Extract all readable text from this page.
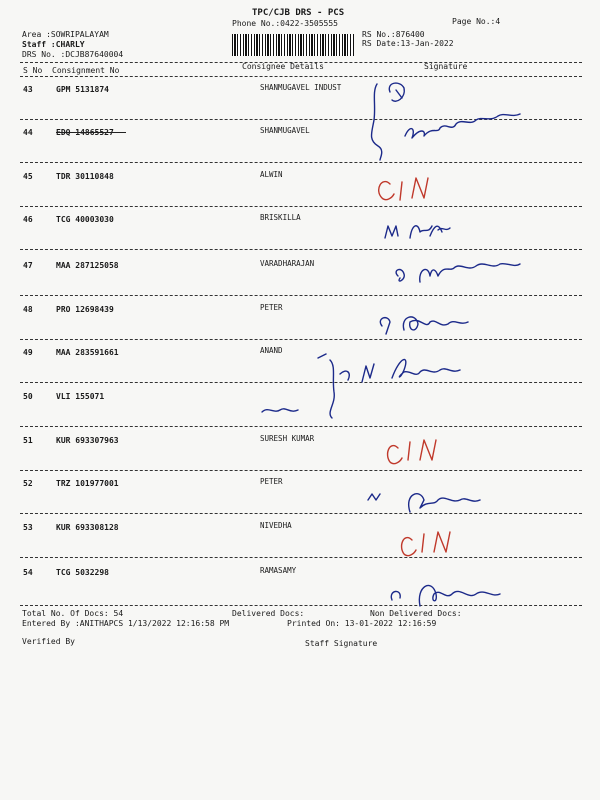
TPC/CJB DRS - PCS
Phone No.:0422-3505555	Page No.:4
Area :SOWRIPALAYAM
Staff :CHARLY
DRS No. :DCJB87640004
RS No.:876400
RS Date:13-Jan-2022
S No Consignment No	Consignee Details	Signature
43	GPM 5131874	SHANMUGAVEL INDUST
44	EDQ 14865527	SHANMUGAVEL
45	TDR 30110848	ALWIN
46	TCG 40003030	BRISKILLA
47	MAA 287125058	VARADHARAJAN
48	PRO 12698439	PETER
49	MAA 283591661	ANAND
50	VLI 155071
51	KUR 693307963	SURESH KUMAR
52	TRZ 101977001	PETER
53	KUR 693308128	NIVEDHA
54	TCG 5032298	RAMASAMY
Total No. Of Docs: 54	Delivered Docs:	Non Delivered Docs:
Entered By :ANITHAPCS 1/13/2022 12:16:58 PM	Printed On: 13-01-2022 12:16:59
Verified By	Staff Signature
